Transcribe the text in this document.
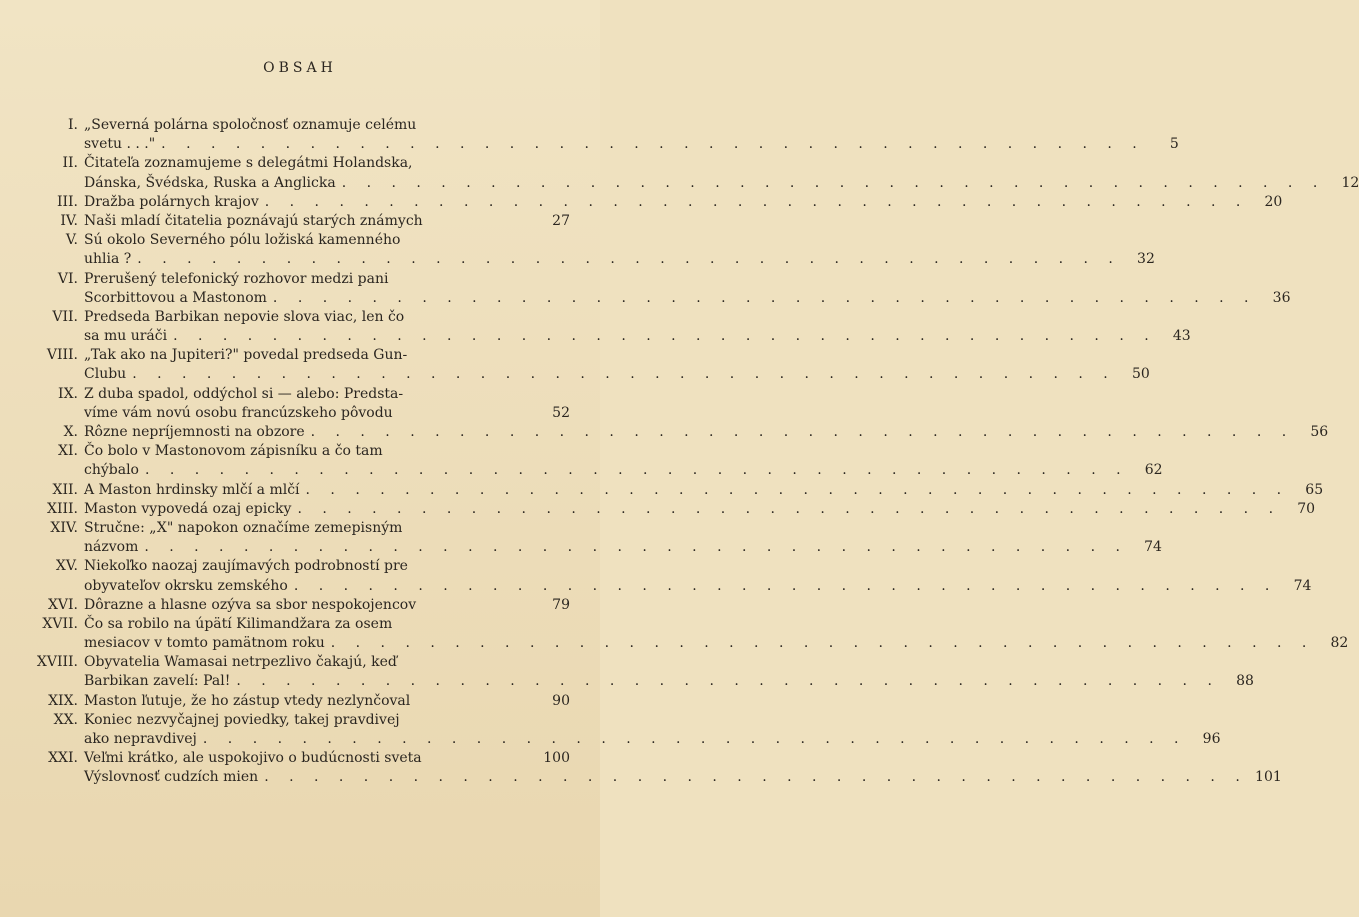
OBSAH
I. „Severná polárna spoločnosť oznamuje celému
svetu . . ." . . . . . . . . . . . . . . . . . . . . . . . . . . . . . . . . . . . . . . . .	5
II. Čitateľa zoznamujeme s delegátmi Holandska,
Dánska, Švédska, Ruska a Anglicka . . . . . . . . . . . . . . . . . . . . . . . . . . . . . . . . . . . . . . . .	12
III. Dražba polárnych krajov . . . . . . . . . . . . . . . . . . . . . . . . . . . . . . . . . . . . . . . .	20
IV. Naši mladí čitatelia poznávajú starých známych	27
V. Sú okolo Severného pólu ložiská kamenného
uhlia ? . . . . . . . . . . . . . . . . . . . . . . . . . . . . . . . . . . . . . . . .	32
VI. Prerušený telefonický rozhovor medzi pani
Scorbittovou a Mastonom . . . . . . . . . . . . . . . . . . . . . . . . . . . . . . . . . . . . . . . .	36
VII. Predseda Barbikan nepovie slova viac, len čo
sa mu uráči . . . . . . . . . . . . . . . . . . . . . . . . . . . . . . . . . . . . . . . .	43
VIII. „Tak ako na Jupiteri?" povedal predseda Gun-
Clubu . . . . . . . . . . . . . . . . . . . . . . . . . . . . . . . . . . . . . . . .	50
IX. Z duba spadol, oddýchol si — alebo: Predsta-
víme vám novú osobu francúzskeho pôvodu	52
X. Rôzne nepríjemnosti na obzore . . . . . . . . . . . . . . . . . . . . . . . . . . . . . . . . . . . . . . . .	56
XI. Čo bolo v Mastonovom zápisníku a čo tam
chýbalo . . . . . . . . . . . . . . . . . . . . . . . . . . . . . . . . . . . . . . . .	62
XII. A Maston hrdinsky mlčí a mlčí . . . . . . . . . . . . . . . . . . . . . . . . . . . . . . . . . . . . . . . .	65
XIII. Maston vypovedá ozaj epicky . . . . . . . . . . . . . . . . . . . . . . . . . . . . . . . . . . . . . . . .	70
XIV. Stručne: „X" napokon označíme zemepisným
názvom . . . . . . . . . . . . . . . . . . . . . . . . . . . . . . . . . . . . . . . .	74
XV. Niekoľko naozaj zaujímavých podrobností pre
obyvateľov okrsku zemského . . . . . . . . . . . . . . . . . . . . . . . . . . . . . . . . . . . . . . . .	74
XVI. Dôrazne a hlasne ozýva sa sbor nespokojencov	79
XVII. Čo sa robilo na úpätí Kilimandžara za osem
mesiacov v tomto pamätnom roku . . . . . . . . . . . . . . . . . . . . . . . . . . . . . . . . . . . . . . . .	82
XVIII. Obyvatelia Wamasai netrpezlivo čakajú, keď
Barbikan zavelí: Pal! . . . . . . . . . . . . . . . . . . . . . . . . . . . . . . . . . . . . . . . .	88
XIX. Maston ľutuje, že ho zástup vtedy nezlynčoval	90
XX. Koniec nezvyčajnej poviedky, takej pravdivej
ako nepravdivej . . . . . . . . . . . . . . . . . . . . . . . . . . . . . . . . . . . . . . . .	96
XXI. Veľmi krátko, ale uspokojivo o budúcnosti sveta	100
Výslovnosť cudzích mien . . . . . . . . . . . . . . . . . . . . . . . . . . . . . . . . . . . . . . . . 101
